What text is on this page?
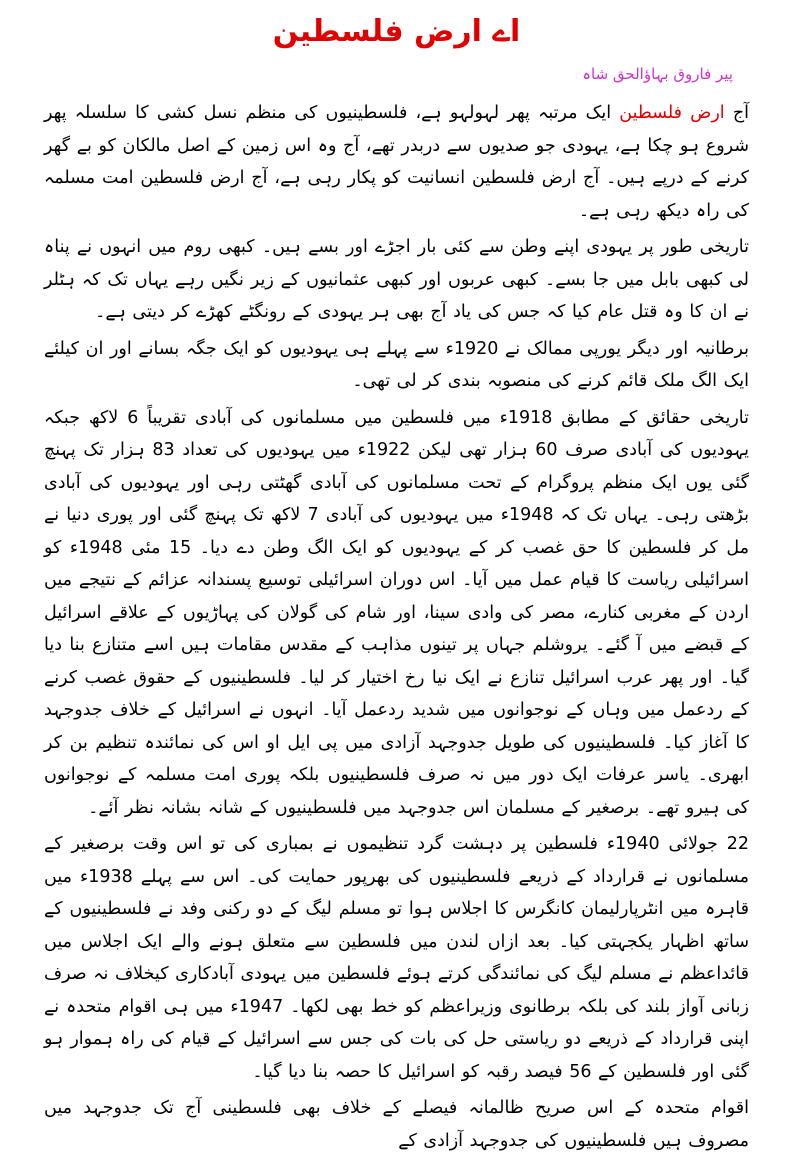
اے ارض فلسطین

پیر فاروق بہاؤالحق شاہ

آج ارض فلسطین ایک مرتبہ پھر لہولہو ہے، فلسطینیوں کی منظم نسل کشی کا سلسلہ پھر شروع ہو چکا ہے، یہودی جو صدیوں سے دربدر تھے، آج وہ اس زمین کے اصل مالکان کو بے گھر کرنے کے درپے ہیں۔ آج ارض فلسطین انسانیت کو پکار رہی ہے، آج ارض فلسطین امت مسلمہ کی راہ دیکھ رہی ہے۔

تاریخی طور پر یہودی اپنے وطن سے کئی بار اجڑے اور بسے ہیں۔ کبھی روم میں انہوں نے پناہ لی کبھی بابل میں جا بسے۔ کبھی عربوں اور کبھی عثمانیوں کے زیر نگیں رہے یہاں تک کہ ہٹلر نے ان کا وہ قتل عام کیا کہ جس کی یاد آج بھی ہر یہودی کے رونگٹے کھڑے کر دیتی ہے۔

برطانیہ اور دیگر یورپی ممالک نے 1920ء سے پہلے ہی یہودیوں کو ایک جگہ بسانے اور ان کیلئے ایک الگ ملک قائم کرنے کی منصوبہ بندی کر لی تھی۔

تاریخی حقائق کے مطابق 1918ء میں فلسطین میں مسلمانوں کی آبادی تقریباً 6 لاکھ جبکہ یہودیوں کی آبادی صرف 60 ہزار تھی لیکن 1922ء میں یہودیوں کی تعداد 83 ہزار تک پہنچ گئی یوں ایک منظم پروگرام کے تحت مسلمانوں کی آبادی گھٹتی رہی اور یہودیوں کی آبادی بڑھتی رہی۔ یہاں تک کہ 1948ء میں یہودیوں کی آبادی 7 لاکھ تک پہنچ گئی اور پوری دنیا نے مل کر فلسطین کا حق غصب کر کے یہودیوں کو ایک الگ وطن دے دیا۔ 15 مئی 1948ء کو اسرائیلی ریاست کا قیام عمل میں آیا۔ اس دوران اسرائیلی توسیع پسندانہ عزائم کے نتیجے میں اردن کے مغربی کنارے، مصر کی وادی سینا، اور شام کی گولان کی پہاڑیوں کے علاقے اسرائیل کے قبضے میں آ گئے۔ یروشلم جہاں پر تینوں مذاہب کے مقدس مقامات ہیں اسے متنازع بنا دیا گیا۔ اور پھر عرب اسرائیل تنازع نے ایک نیا رخ اختیار کر لیا۔ فلسطینیوں کے حقوق غصب کرنے کے ردعمل میں وہاں کے نوجوانوں میں شدید ردعمل آیا۔ انہوں نے اسرائیل کے خلاف جدوجہد کا آغاز کیا۔ فلسطینیوں کی طویل جدوجہد آزادی میں پی ایل او اس کی نمائندہ تنظیم بن کر ابھری۔ یاسر عرفات ایک دور میں نہ صرف فلسطینیوں بلکہ پوری امت مسلمہ کے نوجوانوں کی ہیرو تھے۔ برصغیر کے مسلمان اس جدوجہد میں فلسطینیوں کے شانہ بشانہ نظر آئے۔

22 جولائی 1940ء فلسطین پر دہشت گرد تنظیموں نے بمباری کی تو اس وقت برصغیر کے مسلمانوں نے قرارداد کے ذریعے فلسطینیوں کی بھرپور حمایت کی۔ اس سے پہلے 1938ء میں قاہرہ میں انٹرپارلیمان کانگرس کا اجلاس ہوا تو مسلم لیگ کے دو رکنی وفد نے فلسطینیوں کے ساتھ اظہار یکجہتی کیا۔ بعد ازاں لندن میں فلسطین سے متعلق ہونے والے ایک اجلاس میں قائداعظم نے مسلم لیگ کی نمائندگی کرتے ہوئے فلسطین میں یہودی آبادکاری کیخلاف نہ صرف زبانی آواز بلند کی بلکہ برطانوی وزیراعظم کو خط بھی لکھا۔ 1947ء میں ہی اقوام متحدہ نے اپنی قرارداد کے ذریعے دو ریاستی حل کی بات کی جس سے اسرائیل کے قیام کی راہ ہموار ہو گئی اور فلسطین کے 56 فیصد رقبہ کو اسرائیل کا حصہ بنا دیا گیا۔

اقوام متحدہ کے اس صریح ظالمانہ فیصلے کے خلاف بھی فلسطینی آج تک جدوجہد میں مصروف ہیں فلسطینیوں کی جدوجہد آزادی کے
